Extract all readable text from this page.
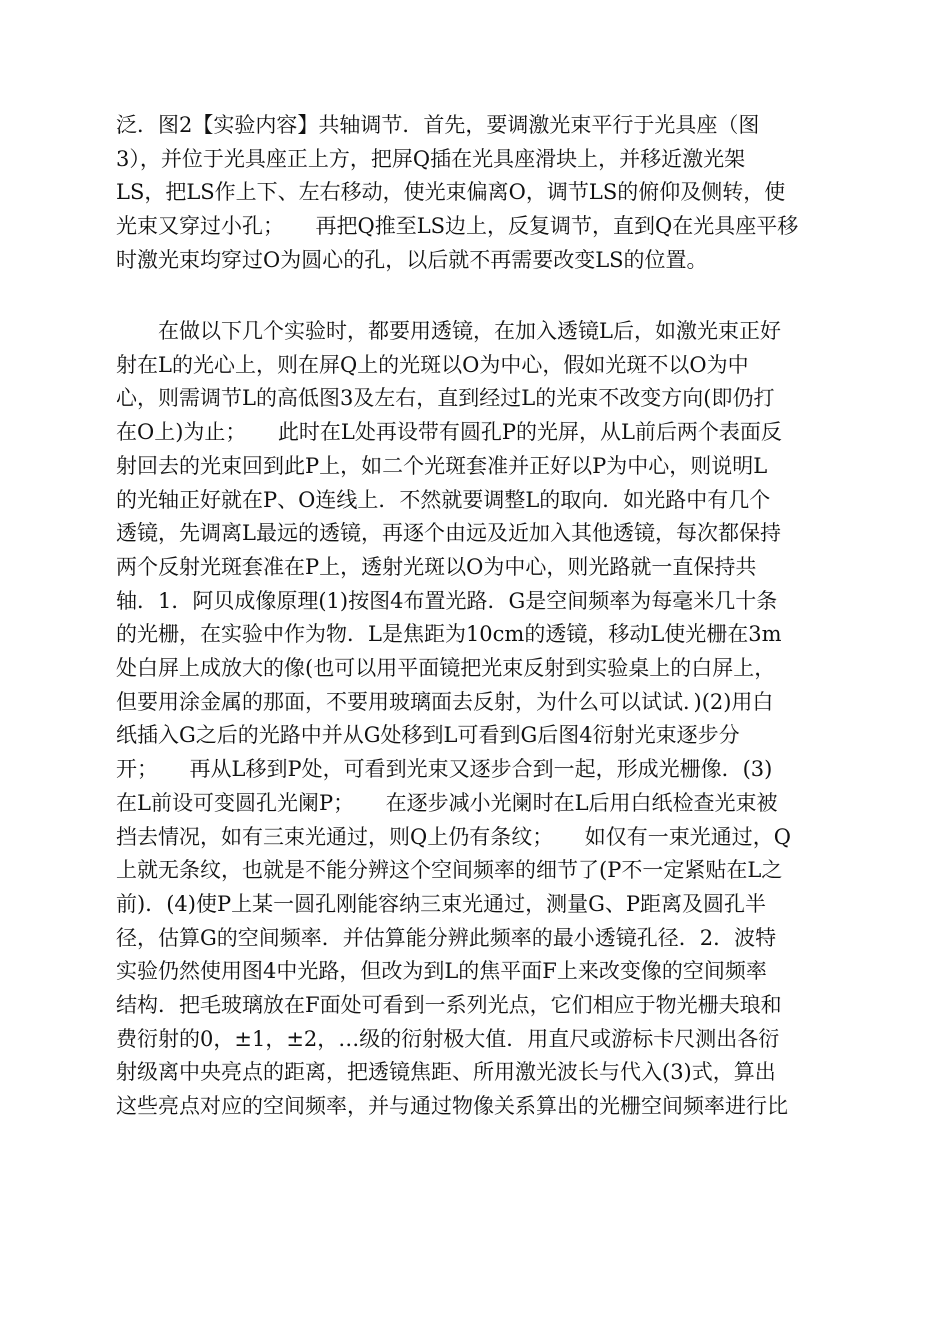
泛．图2【实验内容】共轴调节．首先，要调激光束平行于光具座（图
3），并位于光具座正上方，把屏Q插在光具座滑块上，并移近激光架
LS，把LS作上下、左右移动，使光束偏离O，调节LS的俯仰及侧转，使
光束又穿过小孔；　　再把Q推至LS边上，反复调节，直到Q在光具座平移
时激光束均穿过O为圆心的孔，以后就不再需要改变LS的位置。

　　在做以下几个实验时，都要用透镜，在加入透镜L后，如激光束正好
射在L的光心上，则在屏Q上的光斑以O为中心，假如光斑不以O为中
心，则需调节L的高低图3及左右，直到经过L的光束不改变方向(即仍打
在O上)为止；　　此时在L处再设带有圆孔P的光屏，从L前后两个表面反
射回去的光束回到此P上，如二个光斑套准并正好以P为中心，则说明L
的光轴正好就在P、O连线上．不然就要调整L的取向．如光路中有几个
透镜，先调离L最远的透镜，再逐个由远及近加入其他透镜，每次都保持
两个反射光斑套准在P上，透射光斑以O为中心，则光路就一直保持共
轴．1．阿贝成像原理(1)按图4布置光路．G是空间频率为每毫米几十条
的光栅，在实验中作为物．L是焦距为10cm的透镜，移动L使光栅在3m
处白屏上成放大的像(也可以用平面镜把光束反射到实验桌上的白屏上，
但要用涂金属的那面，不要用玻璃面去反射，为什么可以试试．)(2)用白
纸插入G之后的光路中并从G处移到L可看到G后图4衍射光束逐步分
开；　　再从L移到P处，可看到光束又逐步合到一起，形成光栅像．(3)
在L前设可变圆孔光阑P；　　在逐步减小光阑时在L后用白纸检查光束被
挡去情况，如有三束光通过，则Q上仍有条纹；　　如仅有一束光通过，Q
上就无条纹，也就是不能分辨这个空间频率的细节了(P不一定紧贴在L之
前)．(4)使P上某一圆孔刚能容纳三束光通过，测量G、P距离及圆孔半
径，估算G的空间频率．并估算能分辨此频率的最小透镜孔径．2．波特
实验仍然使用图4中光路，但改为到L的焦平面F上来改变像的空间频率
结构．把毛玻璃放在F面处可看到一系列光点，它们相应于物光栅夫琅和
费衍射的0，±1，±2，…级的衍射极大值．用直尺或游标卡尺测出各衍
射级离中央亮点的距离，把透镜焦距、所用激光波长与代入(3)式，算出
这些亮点对应的空间频率，并与通过物像关系算出的光栅空间频率进行比
